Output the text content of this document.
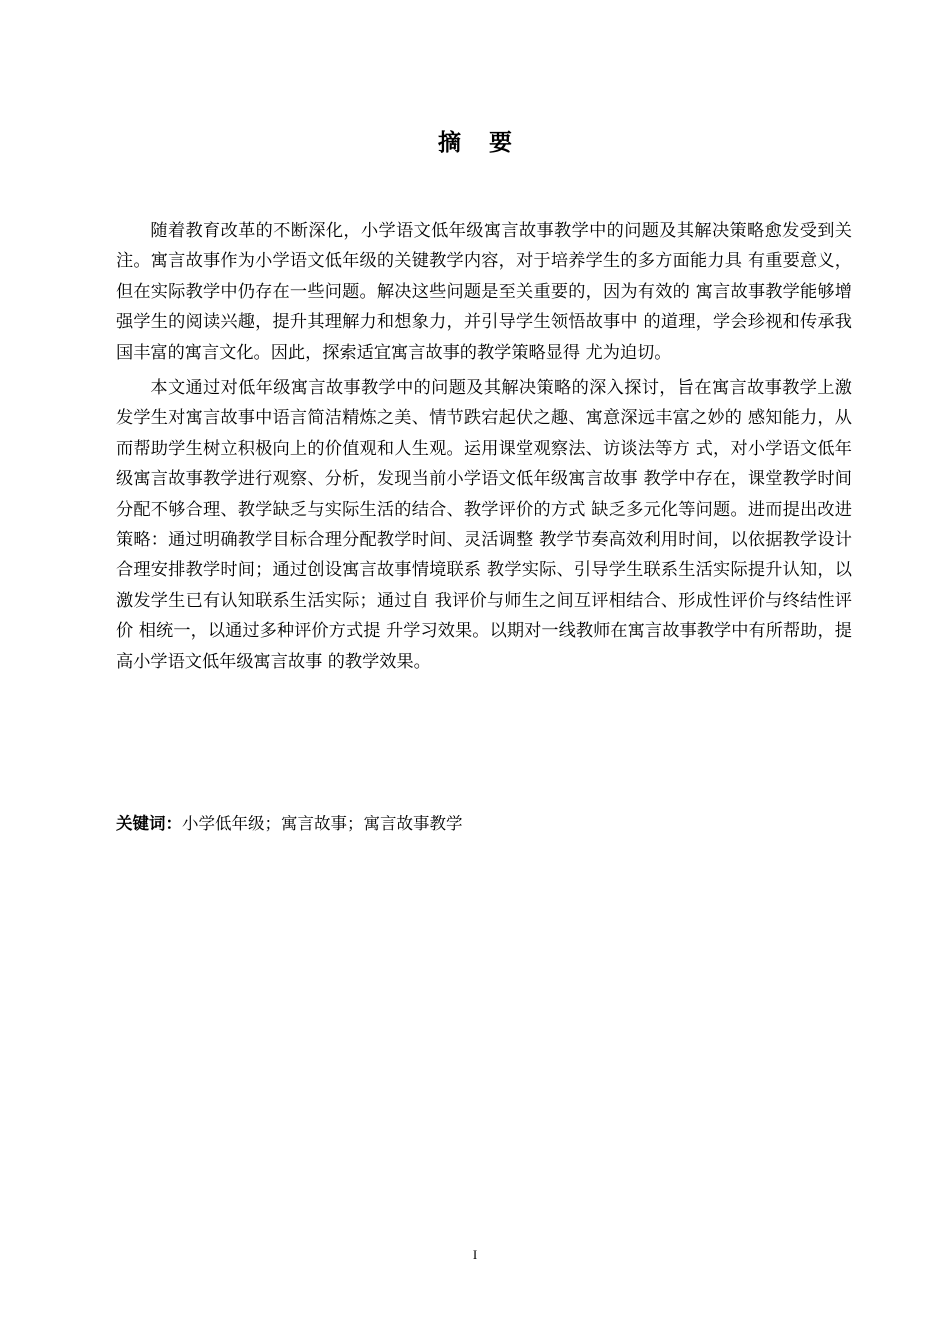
摘要

随着教育改革的不断深化，小学语文低年级寓言故事教学中的问题及其解决策略愈发受到关注。寓言故事作为小学语文低年级的关键教学内容，对于培养学生的多方面能力具 有重要意义，但在实际教学中仍存在一些问题。解决这些问题是至关重要的，因为有效的 寓言故事教学能够增强学生的阅读兴趣，提升其理解力和想象力，并引导学生领悟故事中 的道理，学会珍视和传承我国丰富的寓言文化。因此，探索适宜寓言故事的教学策略显得 尤为迫切。

本文通过对低年级寓言故事教学中的问题及其解决策略的深入探讨，旨在寓言故事教学上激发学生对寓言故事中语言简洁精炼之美、情节跌宕起伏之趣、寓意深远丰富之妙的 感知能力，从而帮助学生树立积极向上的价值观和人生观。运用课堂观察法、访谈法等方 式，对小学语文低年级寓言故事教学进行观察、分析，发现当前小学语文低年级寓言故事 教学中存在，课堂教学时间分配不够合理、教学缺乏与实际生活的结合、教学评价的方式 缺乏多元化等问题。进而提出改进策略：通过明确教学目标合理分配教学时间、灵活调整 教学节奏高效利用时间，以依据教学设计合理安排教学时间；通过创设寓言故事情境联系 教学实际、引导学生联系生活实际提升认知，以激发学生已有认知联系生活实际；通过自 我评价与师生之间互评相结合、形成性评价与终结性评价 相统一，以通过多种评价方式提 升学习效果。以期对一线教师在寓言故事教学中有所帮助，提高小学语文低年级寓言故事 的教学效果。

关键词：小学低年级；寓言故事；寓言故事教学
I
